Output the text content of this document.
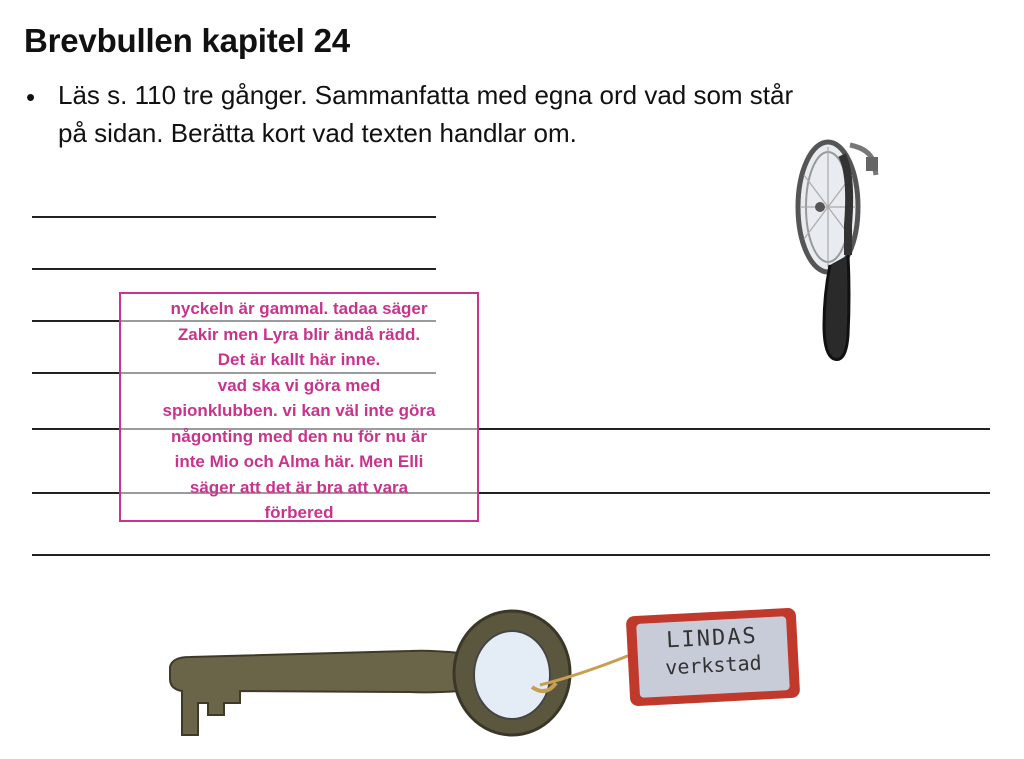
Brevbullen kapitel 24
• Läs s. 110 tre gånger. Sammanfatta med egna ord vad som står
på sidan. Berätta kort vad texten handlar om.
nyckeln är gammal. tadaa säger
Zakir men Lyra blir ändå rädd.
Det är kallt här inne.
vad ska vi göra med
spionklubben. vi kan väl inte göra
någonting med den nu för nu är
inte Mio och Alma här. Men Elli
säger att det är bra att vara
förbered
LINDAS
verkstad
